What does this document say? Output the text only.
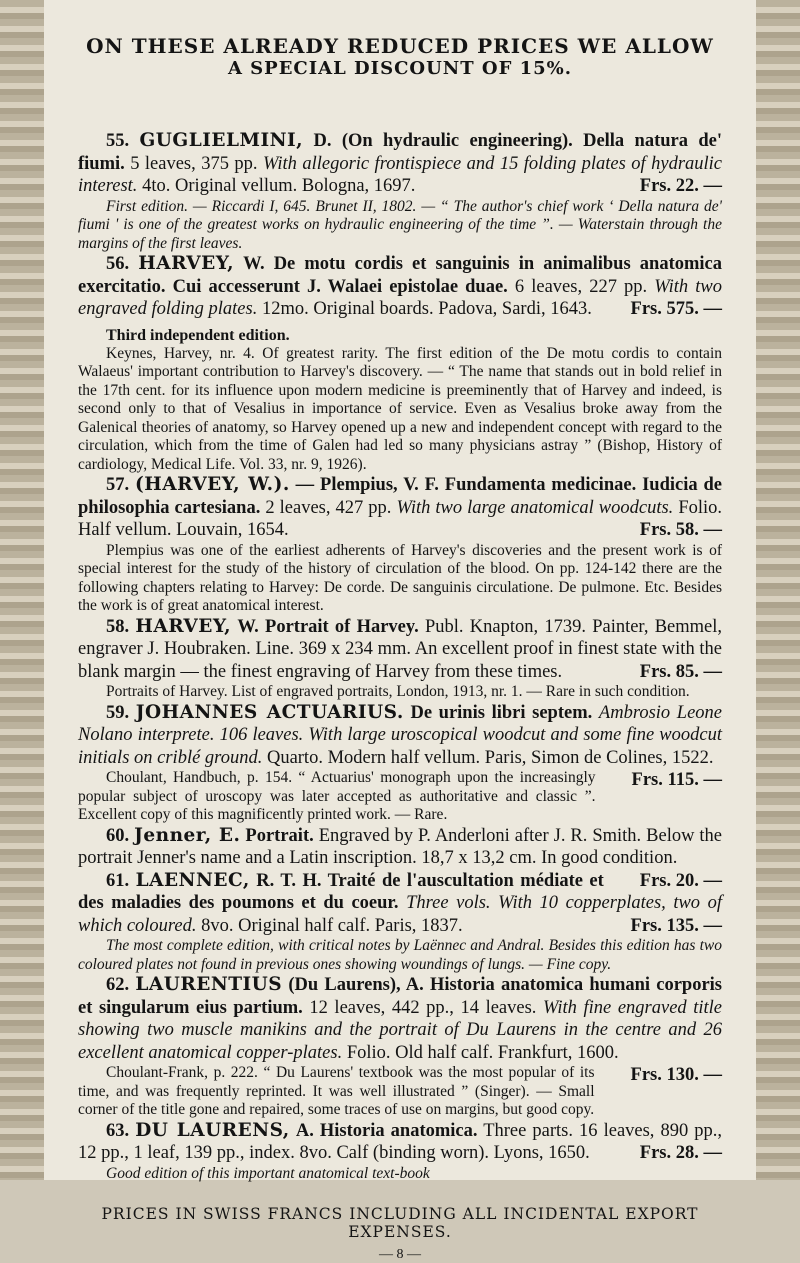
ON THESE ALREADY REDUCED PRICES WE ALLOW
A SPECIAL DISCOUNT OF 15%.

55. GUGLIELMINI, D. (On hydraulic engineering). Della natura de' fiumi. 5 leaves, 375 pp. With allegoric frontispiece and 15 folding plates of hydraulic interest. 4to. Original vellum. Bologna, 1697.	Frs. 22. —

First edition. — Riccardi I, 645. Brunet II, 1802. — “ The author's chief work ‘ Della natura de' fiumi ' is one of the greatest works on hydraulic engineering of the time ”. — Waterstain through the margins of the first leaves.

56. HARVEY, W. De motu cordis et sanguinis in animalibus anatomica exercitatio. Cui accesserunt J. Walaei epistolae duae. 6 leaves, 227 pp. With two engraved folding plates. 12mo. Original boards. Padova, Sardi, 1643.	Frs. 575. —

Third independent edition.

Keynes, Harvey, nr. 4. Of greatest rarity. The first edition of the De motu cordis to contain Walaeus' important contribution to Harvey's discovery. — “ The name that stands out in bold relief in the 17th cent. for its influence upon modern medicine is preeminently that of Harvey and indeed, is second only to that of Vesalius in importance of service. Even as Vesalius broke away from the Galenical theories of anatomy, so Harvey opened up a new and independent concept with regard to the circulation, which from the time of Galen had led so many physicians astray ” (Bishop, History of cardiology, Medical Life. Vol. 33, nr. 9, 1926).

57. (HARVEY, W.). — Plempius, V. F. Fundamenta medicinae. Iudicia de philosophia cartesiana. 2 leaves, 427 pp. With two large anatomical woodcuts. Folio. Half vellum. Louvain, 1654.	Frs. 58. —

Plempius was one of the earliest adherents of Harvey's discoveries and the present work is of special interest for the study of the history of circulation of the blood. On pp. 124-142 there are the following chapters relating to Harvey: De corde. De sanguinis circulatione. De pulmone. Etc. Besides the work is of great anatomical interest.

58. HARVEY, W. Portrait of Harvey. Publ. Knapton, 1739. Painter, Bemmel, engraver J. Houbraken. Line. 369 x 234 mm. An excellent proof in finest state with the blank margin — the finest engraving of Harvey from these times.	Frs. 85. —

Portraits of Harvey. List of engraved portraits, London, 1913, nr. 1. — Rare in such condition.

59. JOHANNES ACTUARIUS. De urinis libri septem. Ambrosio Leone Nolano interprete. 106 leaves. With large uroscopical woodcut and some fine woodcut initials on criblé ground. Quarto. Modern half vellum. Paris, Simon de Colines, 1522.
Frs. 115. —

Choulant, Handbuch, p. 154. “ Actuarius' monograph upon the increasingly popular subject of uroscopy was later accepted as authoritative and classic ”. Excellent copy of this magnificently printed work. — Rare.

60. Jenner, E. Portrait. Engraved by P. Anderloni after J. R. Smith. Below the portrait Jenner's name and a Latin inscription. 18,7 x 13,2 cm. In good condition.
Frs. 20. —

61. LAENNEC, R. T. H. Traité de l'auscultation médiate et des maladies des poumons et du coeur. Three vols. With 10 copperplates, two of which coloured. 8vo. Original half calf. Paris, 1837.	Frs. 135. —

The most complete edition, with critical notes by Laënnec and Andral. Besides this edition has two coloured plates not found in previous ones showing woundings of lungs. — Fine copy.

62. LAURENTIUS (Du Laurens), A. Historia anatomica humani corporis et singularum eius partium. 12 leaves, 442 pp., 14 leaves. With fine engraved title showing two muscle manikins and the portrait of Du Laurens in the centre and 26 excellent anatomical copper-plates. Folio. Old half calf. Frankfurt, 1600.
Frs. 130. —

Choulant-Frank, p. 222. “ Du Laurens' textbook was the most popular of its time, and was frequently reprinted. It was well illustrated ” (Singer). — Small corner of the title gone and repaired, some traces of use on margins, but good copy.

63. DU LAURENS, A. Historia anatomica. Three parts. 16 leaves, 890 pp., 12 pp., 1 leaf, 139 pp., index. 8vo. Calf (binding worn). Lyons, 1650.	Frs. 28. —

Good edition of this important anatomical text-book

PRICES IN SWISS FRANCS INCLUDING ALL INCIDENTAL EXPORT EXPENSES.
— 8 —
